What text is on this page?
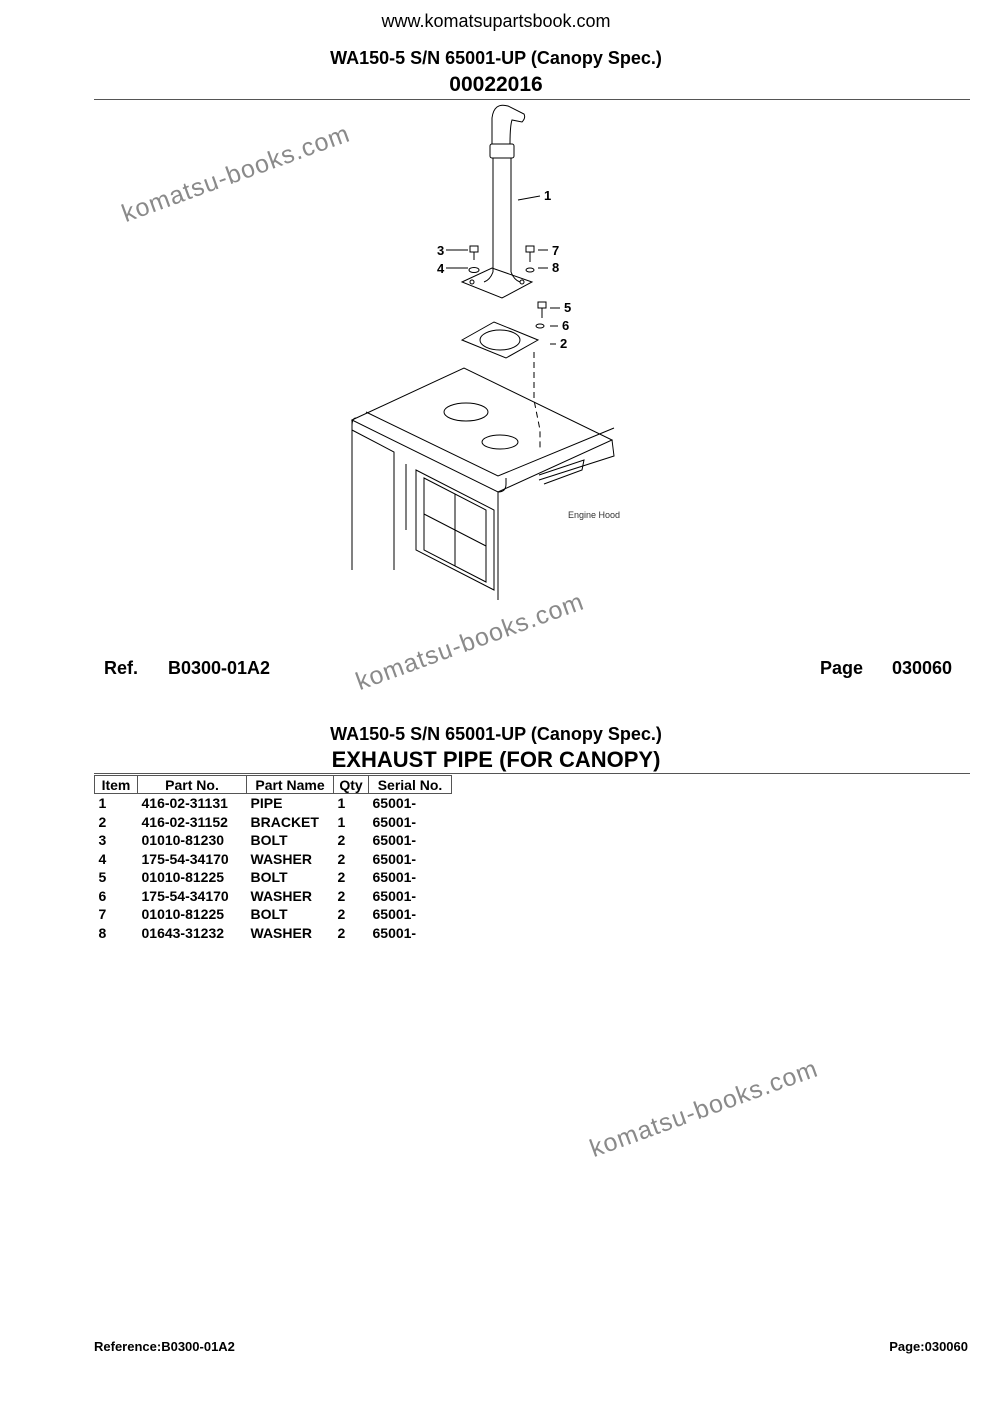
www.komatsupartsbook.com
WA150-5 S/N 65001-UP (Canopy Spec.)
00022016
1
2
3
4
5
6
7
8
Engine Hood
Ref. B0300-01A2	Page 030060
WA150-5 S/N 65001-UP (Canopy Spec.)
EXHAUST PIPE (FOR CANOPY)
Item	Part No.	Part Name	Qty	Serial No.
1	416-02-31131	PIPE	1	65001-
2	416-02-31152	BRACKET	1	65001-
3	01010-81230	BOLT	2	65001-
4	175-54-34170	WASHER	2	65001-
5	01010-81225	BOLT	2	65001-
6	175-54-34170	WASHER	2	65001-
7	01010-81225	BOLT	2	65001-
8	01643-31232	WASHER	2	65001-
Reference:B0300-01A2	Page:030060
komatsu-books.com
komatsu-books.com
komatsu-books.com
